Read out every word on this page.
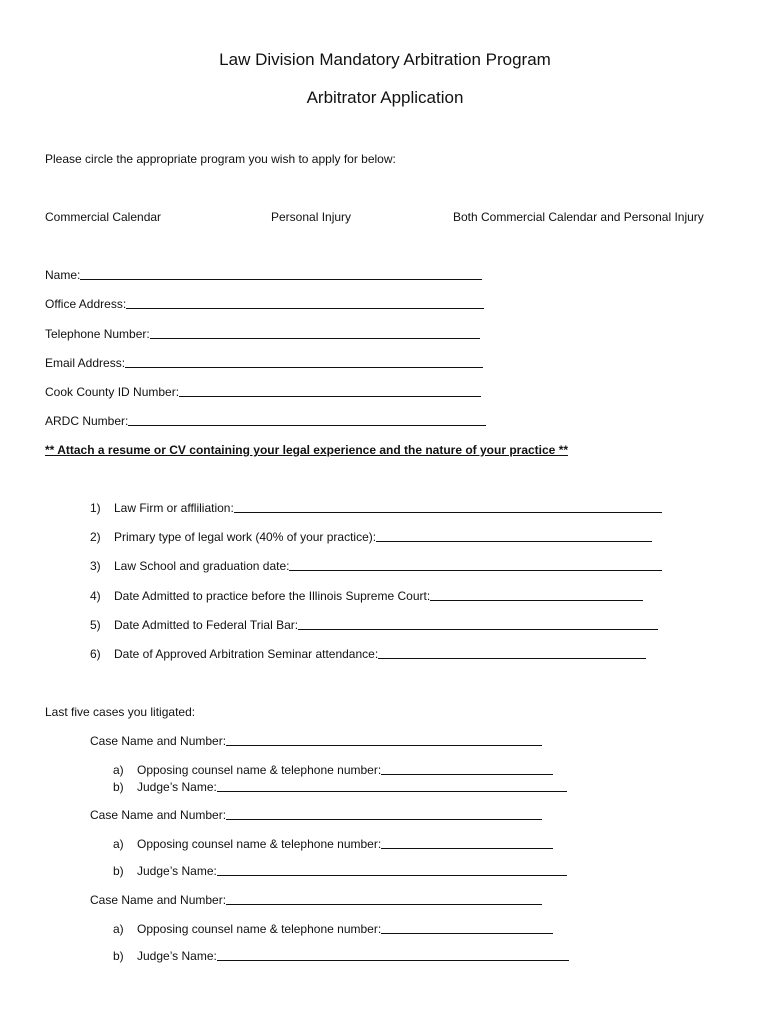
Law Division Mandatory Arbitration Program
Arbitrator Application
Please circle the appropriate program you wish to apply for below:
Commercial Calendar	Personal Injury	Both Commercial Calendar and Personal Injury
Name:
Office Address:
Telephone Number:
Email Address:
Cook County ID Number:
ARDC Number:
** Attach a resume or CV containing your legal experience and the nature of your practice **
1)	Law Firm or affliliation:
2)	Primary type of legal work (40% of your practice):
3)	Law School and graduation date:
4)	Date Admitted to practice before the Illinois Supreme Court:
5)	Date Admitted to Federal Trial Bar:
6)	Date of Approved Arbitration Seminar attendance:
Last five cases you litigated:
Case Name and Number:
a)	Opposing counsel name & telephone number:
b)	Judge’s Name:
Case Name and Number:
a)	Opposing counsel name & telephone number:
b)	Judge’s Name:
Case Name and Number:
a)	Opposing counsel name & telephone number:
b)	Judge’s Name:
